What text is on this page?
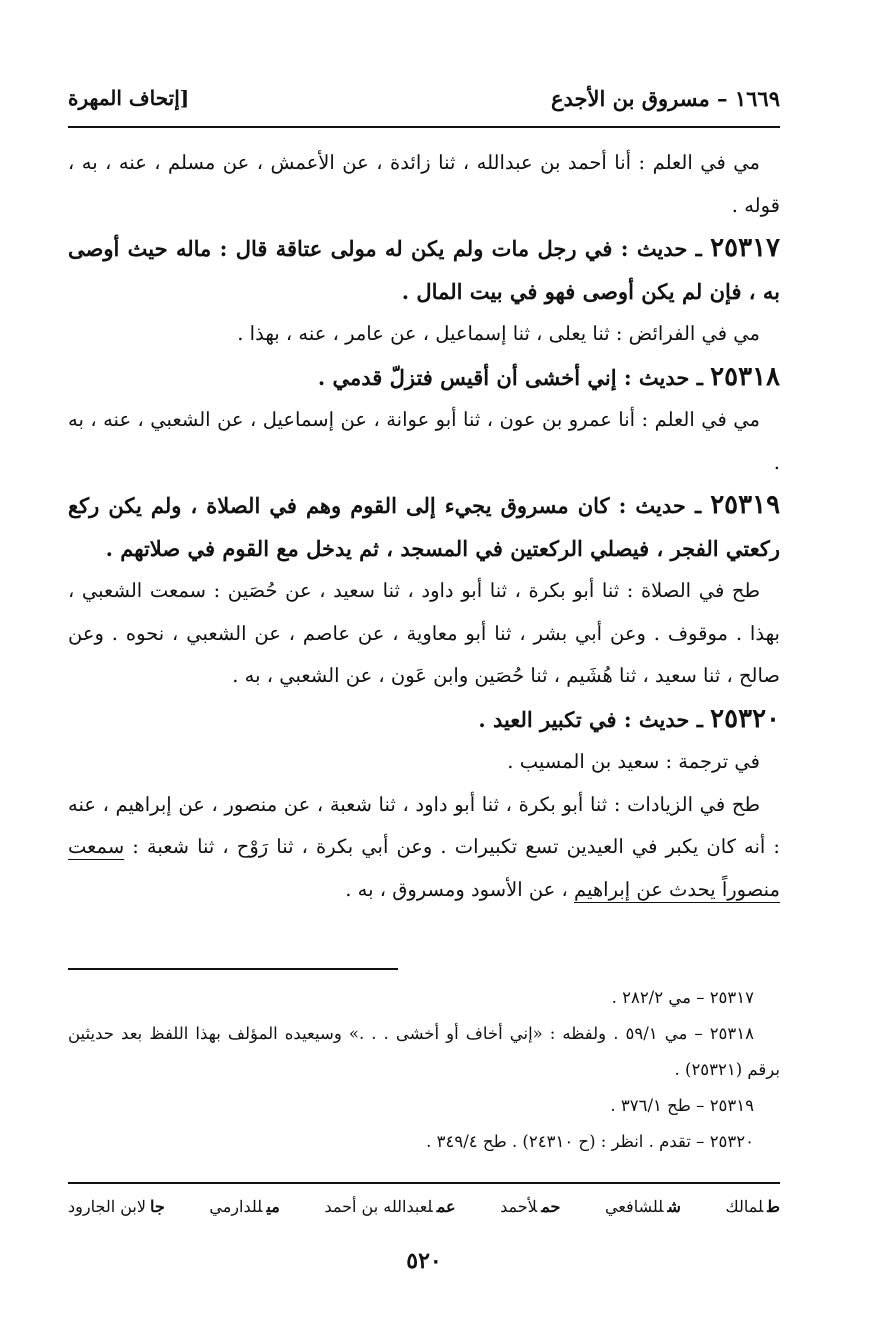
١٦٦٩ – مسروق بن الأجدع
[إتحاف المهرة

مي في العلم : أنا أحمد بن عبدالله ، ثنا زائدة ، عن الأعمش ، عن مسلم ، عنه ، به ، قوله .

٢٥٣١٧ ـ حديث : في رجل مات ولم يكن له مولى عتاقة قال : ماله حيث أوصى به ، فإن لم يكن أوصى فهو في بيت المال .

مي في الفرائض : ثنا يعلى ، ثنا إسماعيل ، عن عامر ، عنه ، بهذا .

٢٥٣١٨ ـ حديث : إني أخشى أن أقيس فتزلّ قدمي .

مي في العلم : أنا عمرو بن عون ، ثنا أبو عوانة ، عن إسماعيل ، عن الشعبي ، عنه ، به .

٢٥٣١٩ ـ حديث : كان مسروق يجيء إلى القوم وهم في الصلاة ، ولم يكن ركع ركعتي الفجر ، فيصلي الركعتين في المسجد ، ثم يدخل مع القوم في صلاتهم .

طح في الصلاة : ثنا أبو بكرة ، ثنا أبو داود ، ثنا سعيد ، عن حُصَين : سمعت الشعبي ، بهذا . موقوف . وعن أبي بشر ، ثنا أبو معاوية ، عن عاصم ، عن الشعبي ، نحوه . وعن صالح ، ثنا سعيد ، ثنا هُشَيم ، ثنا حُصَين وابن عَون ، عن الشعبي ، به .

٢٥٣٢٠ ـ حديث : في تكبير العيد .

في ترجمة : سعيد بن المسيب .

طح في الزيادات : ثنا أبو بكرة ، ثنا أبو داود ، ثنا شعبة ، عن منصور ، عن إبراهيم ، عنه : أنه كان يكبر في العيدين تسع تكبيرات . وعن أبي بكرة ، ثنا رَوْح ، ثنا شعبة : سمعت منصوراً يحدث عن إبراهيم ، عن الأسود ومسروق ، به .

٢٥٣١٧ – مي ٢٨٢/٢ .

٢٥٣١٨ – مي ٥٩/١ . ولفظه : «إني أخاف أو أخشى . . .» وسيعيده المؤلف بهذا اللفظ بعد حديثين برقم (٢٥٣٢١) .

٢٥٣١٩ – طح ٣٧٦/١ .

٢٥٣٢٠ – تقدم . انظر : (ح ٢٤٣١٠) . طح ٣٤٩/٤ .

طلمالك
شللشافعي
حملأحمد
عملعبدالله بن أحمد
ميللدارمي
جالابن الجارود
٥٢٠
